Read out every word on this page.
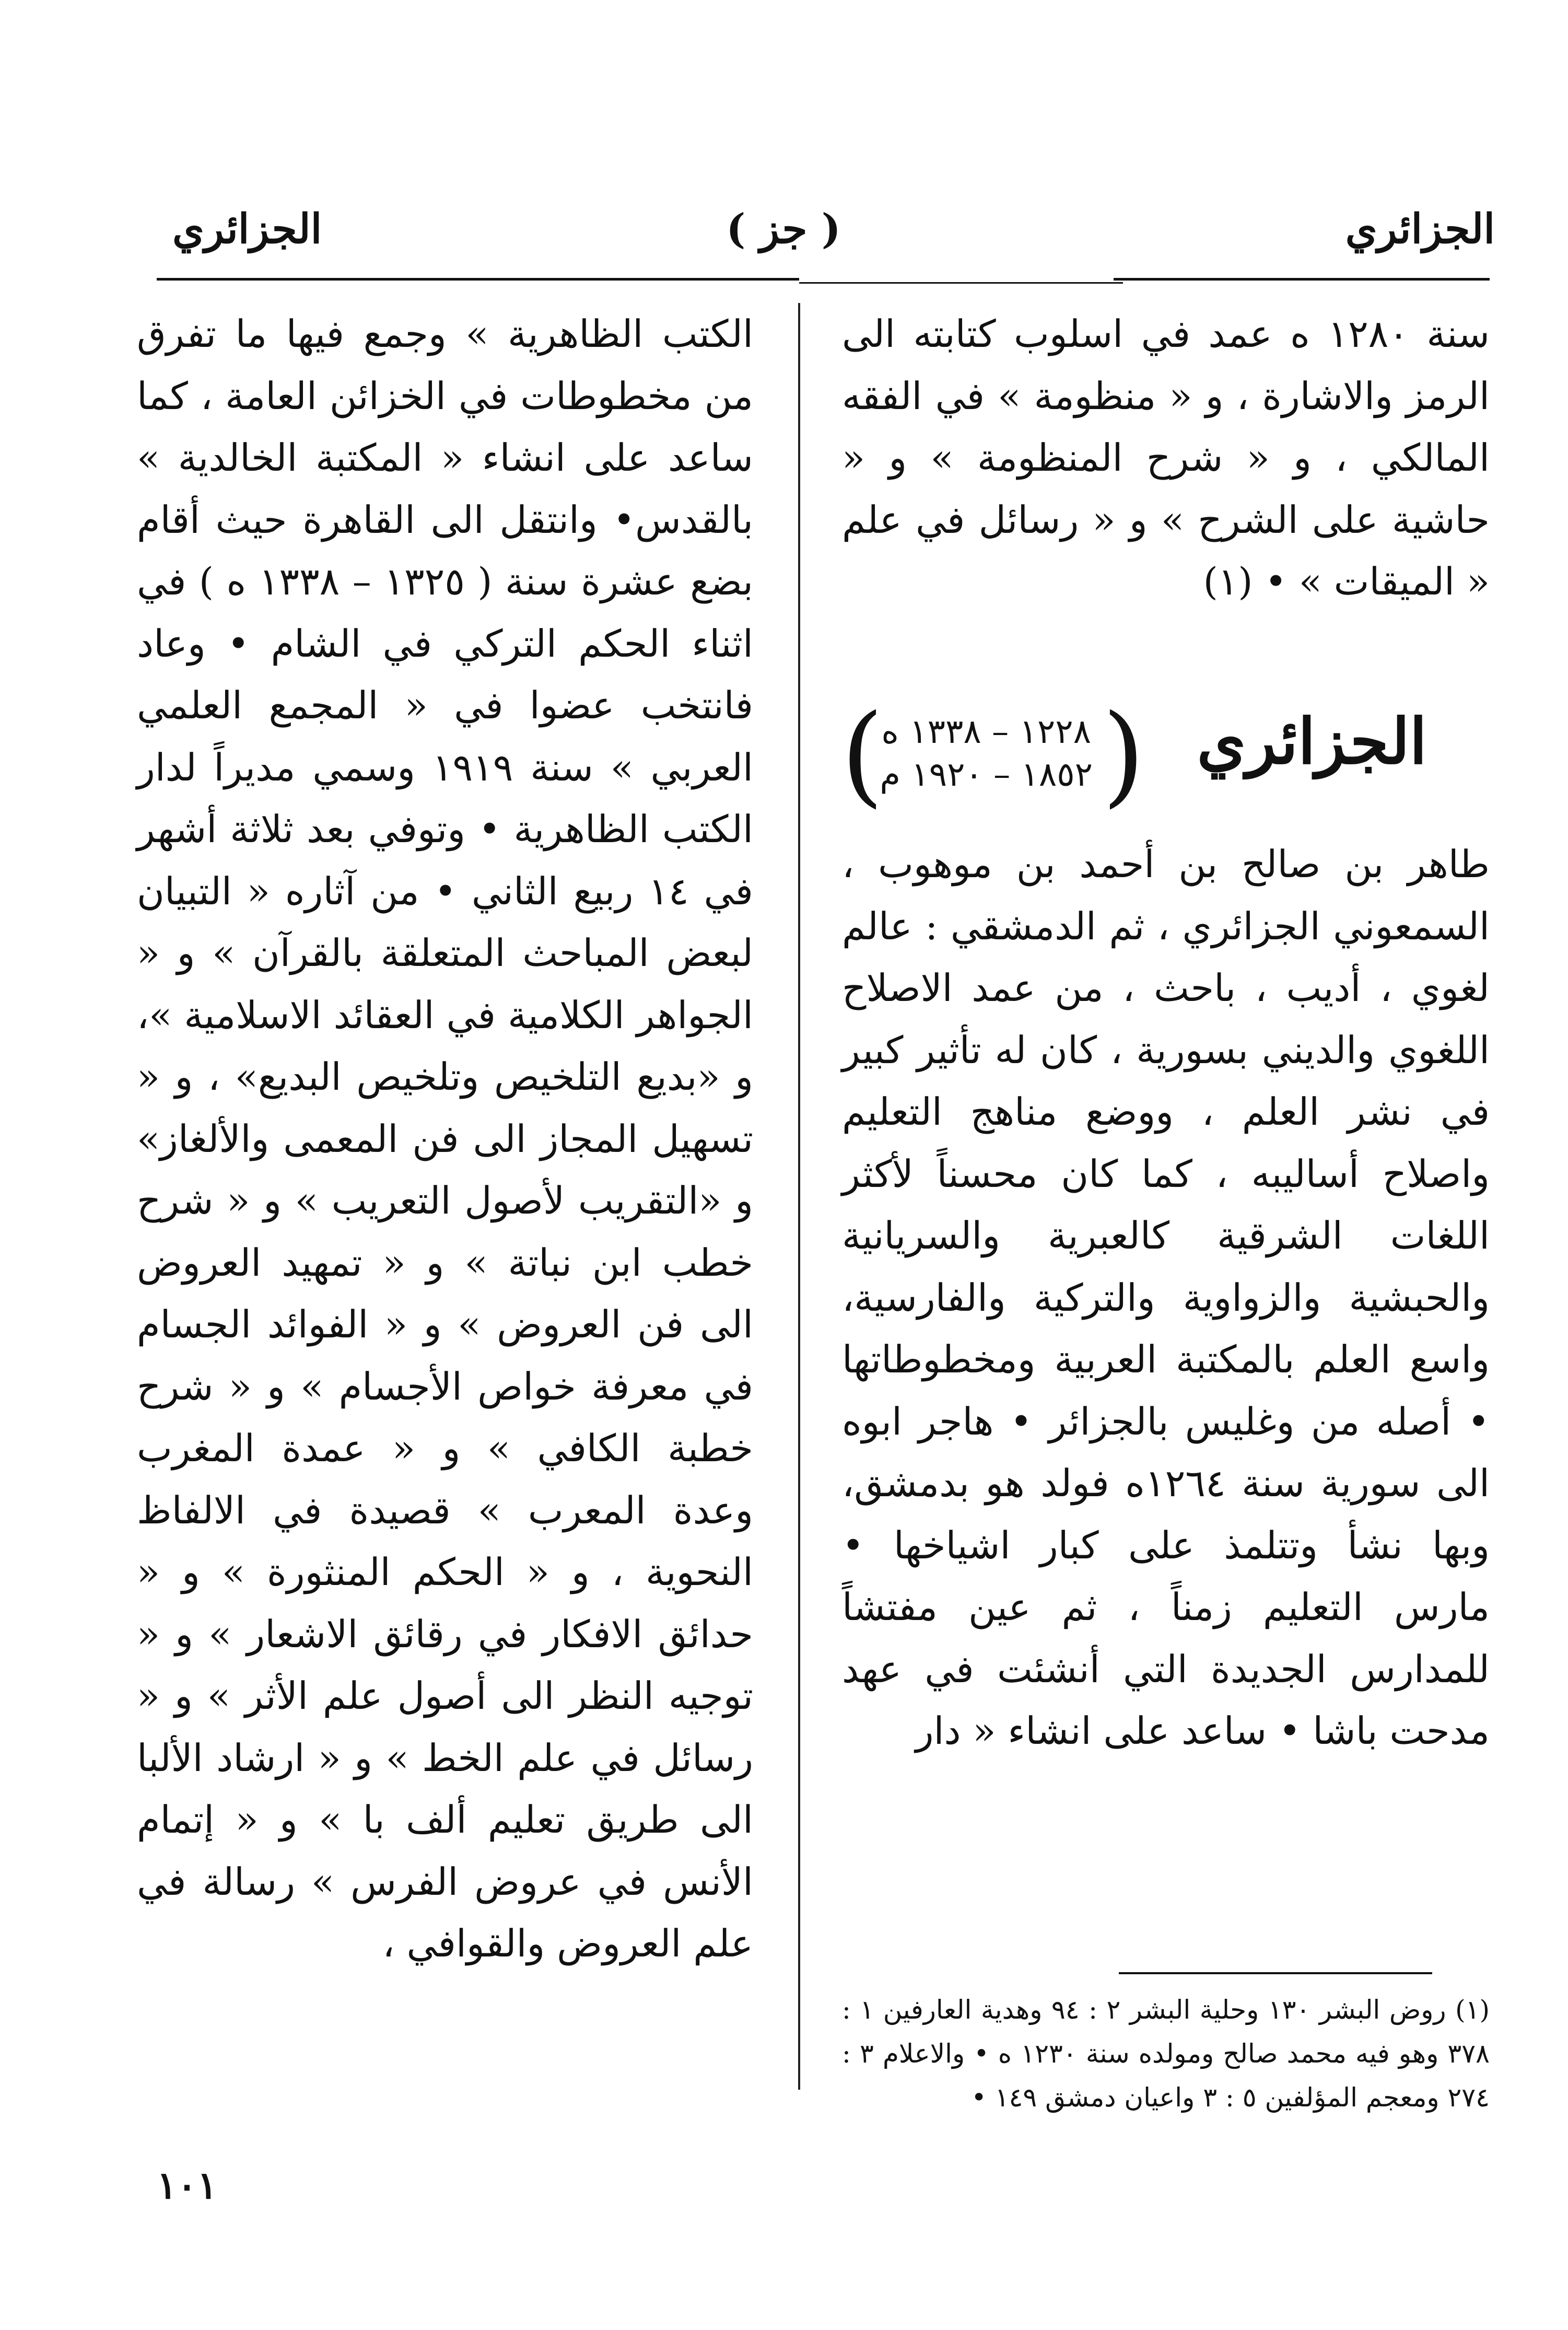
الجزائري
( جز )
الجزائري

سنة ١٢٨٠ ه عمد في اسلوب كتابته الى الرمز والاشارة ، و « منظومة » في الفقه المالكي ، و « شرح المنظومة » و « حاشية على الشرح » و « رسائل في علم « الميقات » • (١)

( الجزائري
١٢٢٨ – ١٣٣٨ ه
١٨٥٢ – ١٩٢٠ م
)

طاهر بن صالح بن أحمد بن موهوب ، السمعوني الجزائري ، ثم الدمشقي : عالم لغوي ، أديب ، باحث ، من عمد الاصلاح اللغوي والديني بسورية ، كان له تأثير كبير في نشر العلم ، ووضع مناهج التعليم واصلاح أساليبه ، كما كان محسناً لأكثر اللغات الشرقية كالعبرية والسريانية والحبشية والزواوية والتركية والفارسية، واسع العلم بالمكتبة العربية ومخطوطاتها • أصله من وغليس بالجزائر • هاجر ابوه الى سورية سنة ١٢٦٤ه فولد هو بدمشق، وبها نشأ وتتلمذ على كبار اشياخها • مارس التعليم زمناً ، ثم عين مفتشاً للمدارس الجديدة التي أنشئت في عهد مدحت باشا • ساعد على انشاء « دار

(١) روض البشر ١٣٠ وحلية البشر ٢ : ٩٤ وهدية العارفين ١ : ٣٧٨ وهو فيه محمد صالح ومولده سنة ١٢٣٠ ه • والاعلام ٣ : ٢٧٤ ومعجم المؤلفين ٥ : ٣ واعيان دمشق ١٤٩ •

الكتب الظاهرية » وجمع فيها ما تفرق من مخطوطات في الخزائن العامة ، كما ساعد على انشاء « المكتبة الخالدية » بالقدس• وانتقل الى القاهرة حيث أقام بضع عشرة سنة ( ١٣٢٥ – ١٣٣٨ ه ) في اثناء الحكم التركي في الشام • وعاد فانتخب عضوا في « المجمع العلمي العربي » سنة ١٩١٩ وسمي مديراً لدار الكتب الظاهرية • وتوفي بعد ثلاثة أشهر في ١٤ ربيع الثاني • من آثاره « التبيان لبعض المباحث المتعلقة بالقرآن » و « الجواهر الكلامية في العقائد الاسلامية »، و «بديع التلخيص وتلخيص البديع» ، و « تسهيل المجاز الى فن المعمى والألغاز» و «التقريب لأصول التعريب » و « شرح خطب ابن نباتة » و « تمهيد العروض الى فن العروض » و « الفوائد الجسام في معرفة خواص الأجسام » و « شرح خطبة الكافي » و « عمدة المغرب وعدة المعرب » قصيدة في الالفاظ النحوية ، و « الحكم المنثورة » و « حدائق الافكار في رقائق الاشعار » و « توجيه النظر الى أصول علم الأثر » و « رسائل في علم الخط » و « ارشاد الألبا الى طريق تعليم ألف با » و « إتمام الأنس في عروض الفرس » رسالة في علم العروض والقوافي ،

١٠١
